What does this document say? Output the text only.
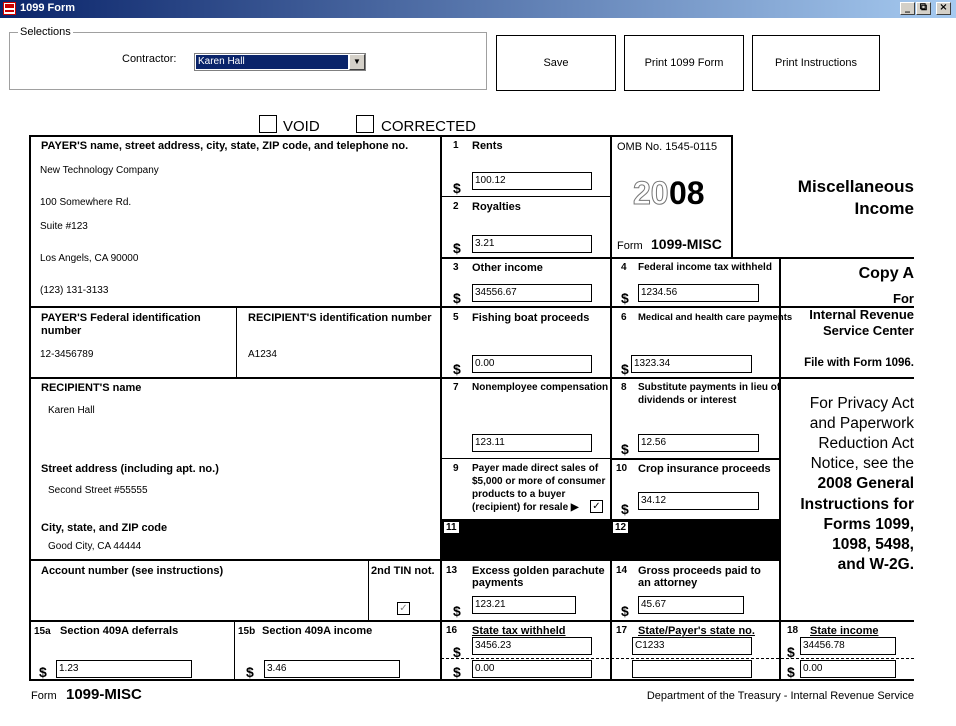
1099 Form	_ ⧉	×
Selections
Contractor: Karen Hall	▼	Save	Print 1099 Form	Print Instructions
VOID	CORRECTED
PAYER'S name, street address, city, state, ZIP code, and telephone no.
New Technology Company
100 Somewhere Rd.
Suite #123
Los Angels, CA 90000
(123) 131-3133
PAYER'S Federal identification number
12-3456789
RECIPIENT'S identification number
A1234
RECIPIENT'S name
Karen Hall
Street address (including apt. no.)
Second Street #55555
City, state, and ZIP code
Good City, CA 44444
Account number (see instructions)	2nd TIN not.
✓
1 Rents
$	100.12
2 Royalties
$	3.21
3 Other income
$	34556.67
4 Federal income tax withheld
$	1234.56
5 Fishing boat proceeds
$	0.00
6 Medical and health care payments
$ 1323.34
7 Nonemployee compensation
123.11
8 Substitute payments in lieu of
dividends or interest
$	12.56
9 Payer made direct sales of
$5,000 or more of consumer
products to a buyer
(recipient) for resale ▶ ✓
10 Crop insurance proceeds
$
34.12
11	12
13 Excess golden parachute
payments
$	123.21
14 Gross proceeds paid to
an attorney
$	45.67
15a Section 409A deferrals
$	1.23
15b Section 409A income
$	3.46
16 State tax withheld
$	3456.23
$	0.00
17 State/Payer's state no.
C1233
18 State income
$ 34456.78
$ 0.00
OMB No. 1545-0115
20 08
Form 1099-MISC
Miscellaneous
Income
Copy A
For
Internal Revenue
Service Center
File with Form 1096.
For Privacy Act
and Paperwork
Reduction Act
Notice, see the
2008 General
Instructions for
Forms 1099,
1098, 5498,
and W-2G.
Form 1099-MISC	Department of the Treasury - Internal Revenue Service
